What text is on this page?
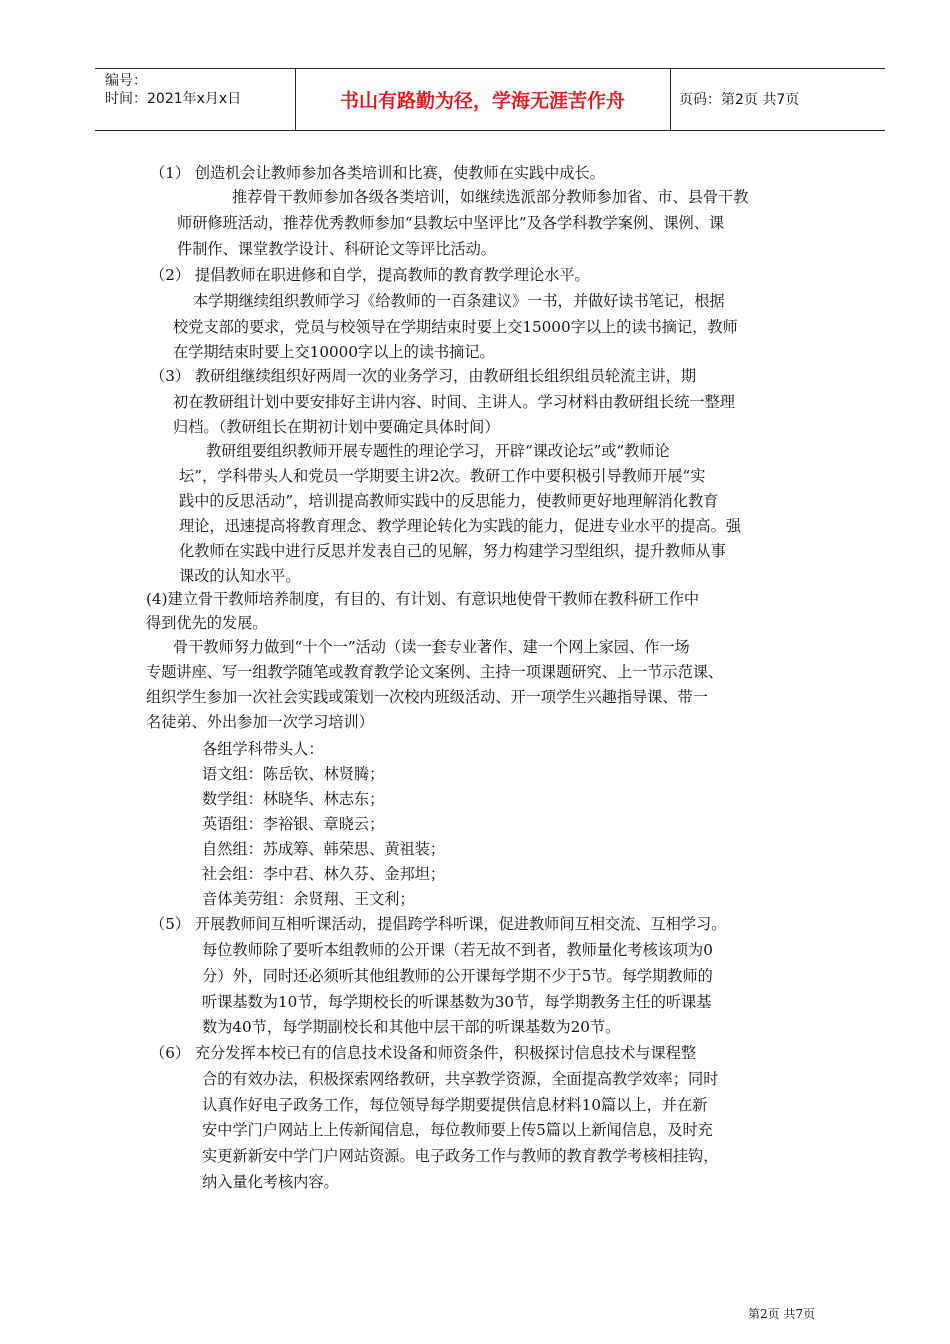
编号：
时间：2021年x月x日	书山有路勤为径，学海无涯苦作舟	页码：第2页 共7页
（1） 创造机会让教师参加各类培训和比赛，使教师在实践中成长。
推荐骨干教师参加各级各类培训，如继续选派部分教师参加省、市、县骨干教
师研修班活动，推荐优秀教师参加“县教坛中坚评比”及各学科教学案例、课例、课
件制作、课堂教学设计、科研论文等评比活动。
（2） 提倡教师在职进修和自学，提高教师的教育教学理论水平。
本学期继续组织教师学习《给教师的一百条建议》一书，并做好读书笔记，根据
校党支部的要求，党员与校领导在学期结束时要上交15000字以上的读书摘记，教师
在学期结束时要上交10000字以上的读书摘记。
（3） 教研组继续组织好两周一次的业务学习，由教研组长组织组员轮流主讲，期
初在教研组计划中要安排好主讲内容、时间、主讲人。学习材料由教研组长统一整理
归档。（教研组长在期初计划中要确定具体时间）
教研组要组织教师开展专题性的理论学习，开辟“课改论坛”或“教师论
坛”，学科带头人和党员一学期要主讲2次。教研工作中要积极引导教师开展“实
践中的反思活动”，培训提高教师实践中的反思能力，使教师更好地理解消化教育
理论，迅速提高将教育理念、教学理论转化为实践的能力，促进专业水平的提高。强
化教师在实践中进行反思并发表自己的见解，努力构建学习型组织，提升教师从事
课改的认知水平。
(4)建立骨干教师培养制度，有目的、有计划、有意识地使骨干教师在教科研工作中
得到优先的发展。
骨干教师努力做到“十个一”活动（读一套专业著作、建一个网上家园、作一场
专题讲座、写一组教学随笔或教育教学论文案例、主持一项课题研究、上一节示范课、
组织学生参加一次社会实践或策划一次校内班级活动、开一项学生兴趣指导课、带一
名徒弟、外出参加一次学习培训）
各组学科带头人：
语文组：陈岳钦、林贤腾；
数学组：林晓华、林志东；
英语组：李裕银、章晓云；
自然组：苏成筹、韩荣思、黄祖装；
社会组：李中君、林久芬、金邦坦；
音体美劳组：余贤翔、王文利；
（5） 开展教师间互相听课活动，提倡跨学科听课，促进教师间互相交流、互相学习。
每位教师除了要听本组教师的公开课（若无故不到者，教师量化考核该项为0
分）外，同时还必须听其他组教师的公开课每学期不少于5节。每学期教师的
听课基数为10节，每学期校长的听课基数为30节，每学期教务主任的听课基
数为40节，每学期副校长和其他中层干部的听课基数为20节。
（6） 充分发挥本校已有的信息技术设备和师资条件，积极探讨信息技术与课程整
合的有效办法，积极探索网络教研，共享教学资源，全面提高教学效率；同时
认真作好电子政务工作，每位领导每学期要提供信息材料10篇以上，并在新
安中学门户网站上上传新闻信息，每位教师要上传5篇以上新闻信息，及时充
实更新新安中学门户网站资源。电子政务工作与教师的教育教学考核相挂钩，
纳入量化考核内容。
第2页 共7页
